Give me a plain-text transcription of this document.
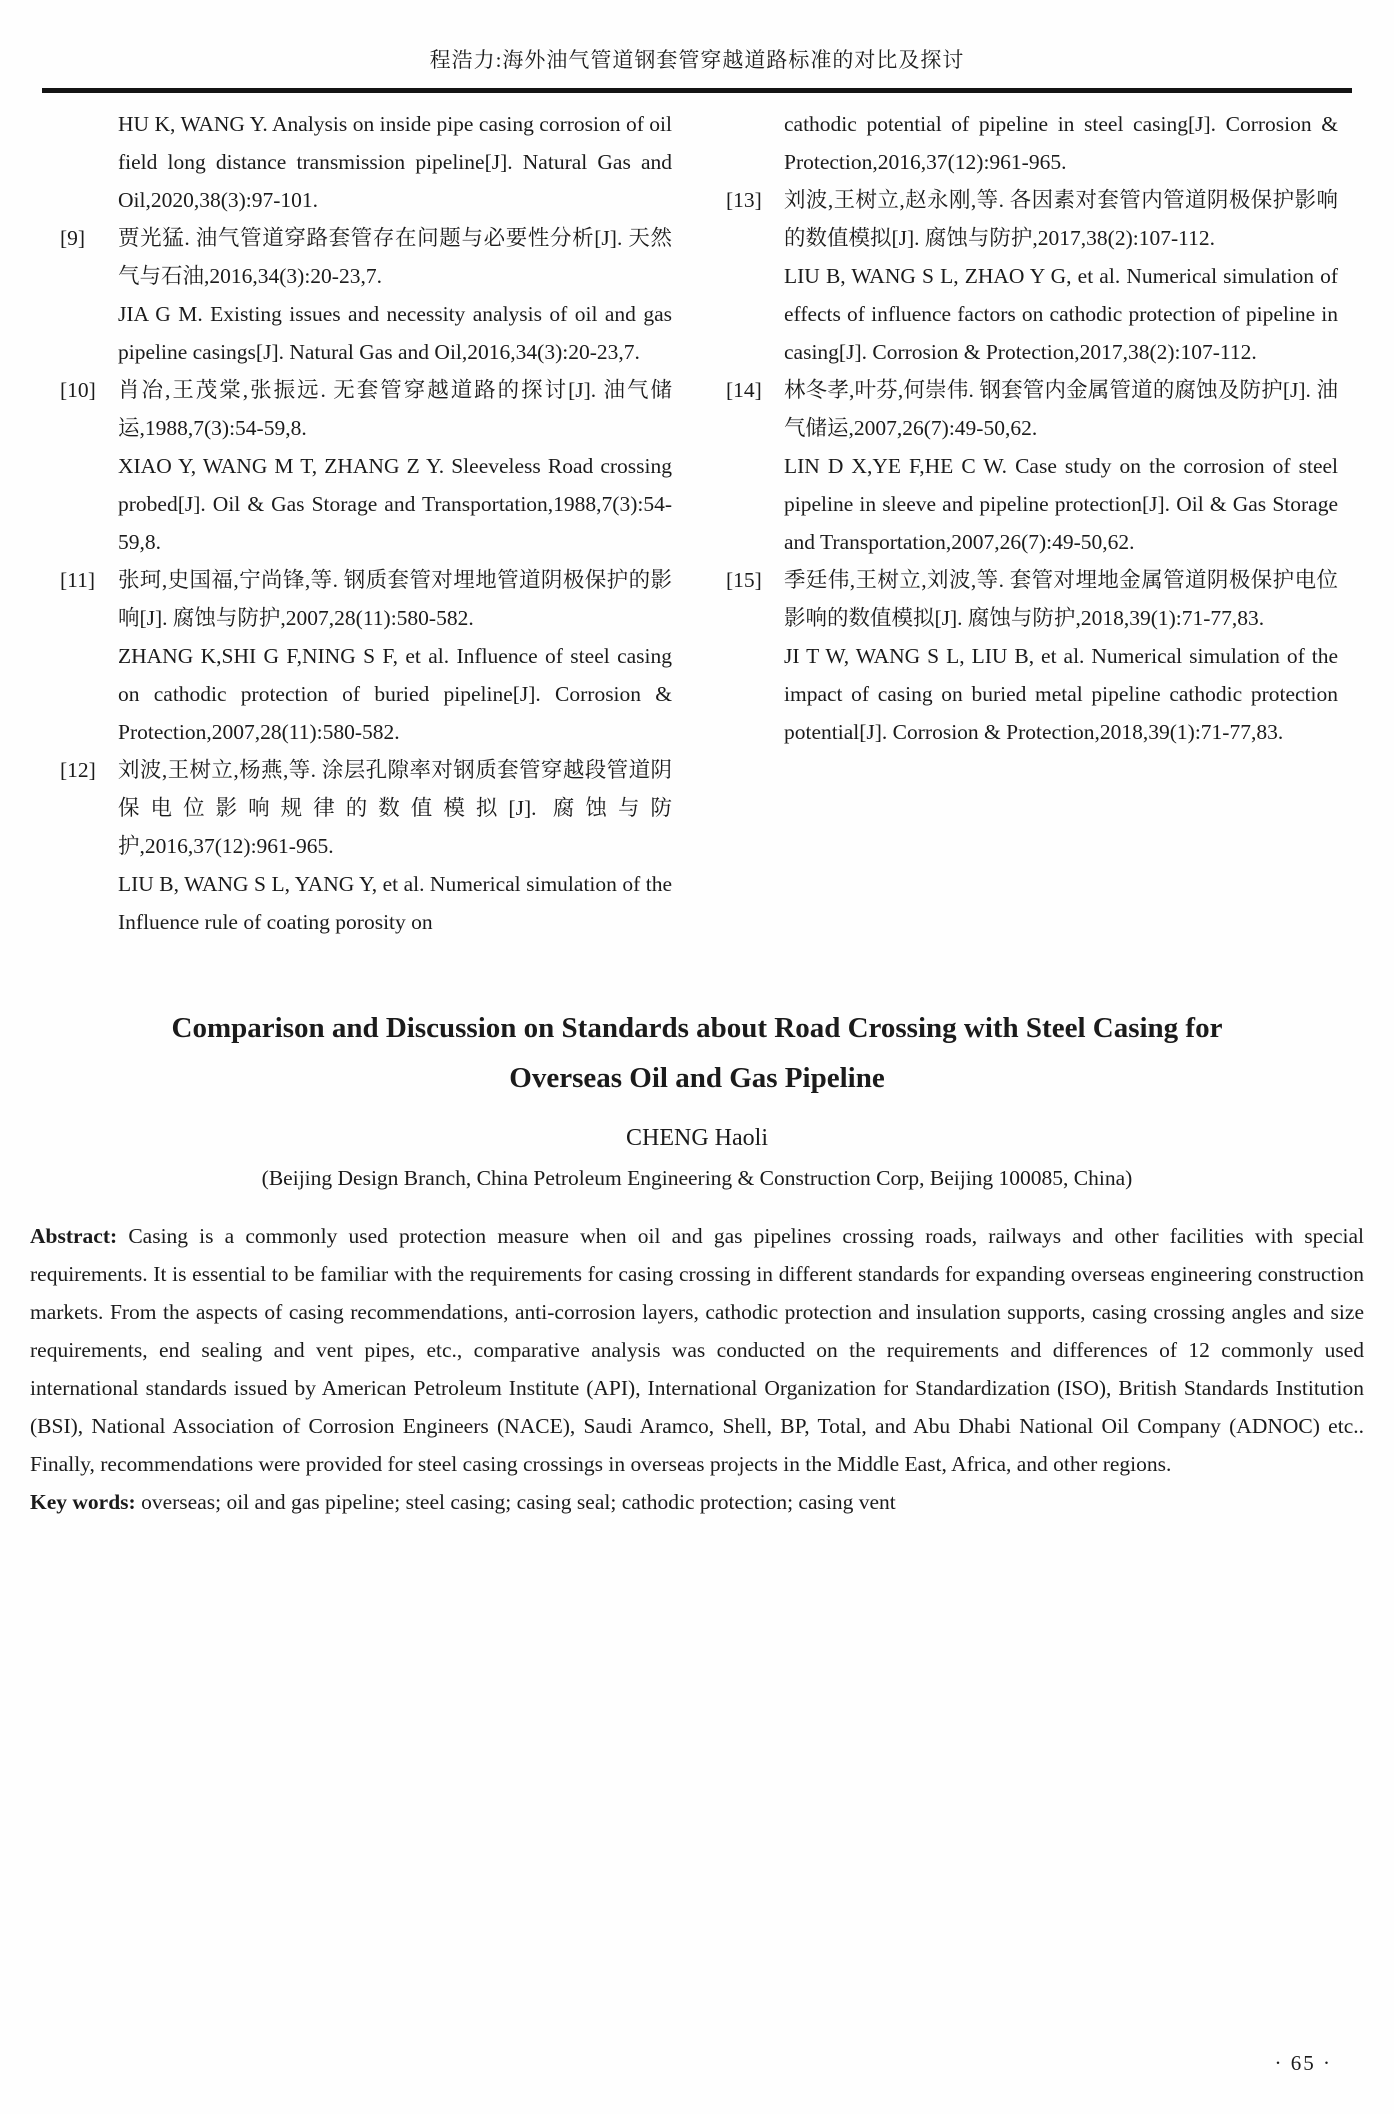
程浩力:海外油气管道钢套管穿越道路标准的对比及探讨
HU K, WANG Y. Analysis on inside pipe casing corrosion of oil field long distance transmission pipeline[J]. Natural Gas and Oil,2020,38(3):97-101.
[9]	贾光猛. 油气管道穿路套管存在问题与必要性分析[J]. 天然气与石油,2016,34(3):20-23,7.
JIA G M. Existing issues and necessity analysis of oil and gas pipeline casings[J]. Natural Gas and Oil,2016,34(3):20-23,7.
[10]	肖冶,王茂棠,张振远. 无套管穿越道路的探讨[J]. 油气储运,1988,7(3):54-59,8.
XIAO Y, WANG M T, ZHANG Z Y. Sleeveless Road crossing probed[J]. Oil & Gas Storage and Transportation,1988,7(3):54-59,8.
[11]	张珂,史国福,宁尚锋,等. 钢质套管对埋地管道阴极保护的影响[J]. 腐蚀与防护,2007,28(11):580-582.
ZHANG K,SHI G F,NING S F, et al. Influence of steel casing on cathodic protection of buried pipeline[J]. Corrosion & Protection,2007,28(11):580-582.
[12]	刘波,王树立,杨燕,等. 涂层孔隙率对钢质套管穿越段管道阴保电位影响规律的数值模拟[J]. 腐蚀与防护,2016,37(12):961-965.
LIU B, WANG S L, YANG Y, et al. Numerical simulation of the Influence rule of coating porosity on
cathodic potential of pipeline in steel casing[J]. Corrosion & Protection,2016,37(12):961-965.
[13]	刘波,王树立,赵永刚,等. 各因素对套管内管道阴极保护影响的数值模拟[J]. 腐蚀与防护,2017,38(2):107-112.
LIU B, WANG S L, ZHAO Y G, et al. Numerical simulation of effects of influence factors on cathodic protection of pipeline in casing[J]. Corrosion & Protection,2017,38(2):107-112.
[14]	林冬孝,叶芬,何崇伟. 钢套管内金属管道的腐蚀及防护[J]. 油气储运,2007,26(7):49-50,62.
LIN D X,YE F,HE C W. Case study on the corrosion of steel pipeline in sleeve and pipeline protection[J]. Oil & Gas Storage and Transportation,2007,26(7):49-50,62.
[15]	季廷伟,王树立,刘波,等. 套管对埋地金属管道阴极保护电位影响的数值模拟[J]. 腐蚀与防护,2018,39(1):71-77,83.
JI T W, WANG S L, LIU B, et al. Numerical simulation of the impact of casing on buried metal pipeline cathodic protection potential[J]. Corrosion & Protection,2018,39(1):71-77,83.
Comparison and Discussion on Standards about Road Crossing with Steel Casing for Overseas Oil and Gas Pipeline
CHENG Haoli
(Beijing Design Branch, China Petroleum Engineering & Construction Corp, Beijing 100085, China)

Abstract: Casing is a commonly used protection measure when oil and gas pipelines crossing roads, railways and other facilities with special requirements. It is essential to be familiar with the requirements for casing crossing in different standards for expanding overseas engineering construction markets. From the aspects of casing recommendations, anti-corrosion layers, cathodic protection and insulation supports, casing crossing angles and size requirements, end sealing and vent pipes, etc., comparative analysis was conducted on the requirements and differences of 12 commonly used international standards issued by American Petroleum Institute (API), International Organization for Standardization (ISO), British Standards Institution (BSI), National Association of Corrosion Engineers (NACE), Saudi Aramco, Shell, BP, Total, and Abu Dhabi National Oil Company (ADNOC) etc.. Finally, recommendations were provided for steel casing crossings in overseas projects in the Middle East, Africa, and other regions.

Key words: overseas; oil and gas pipeline; steel casing; casing seal; cathodic protection; casing vent

· 65 ·
